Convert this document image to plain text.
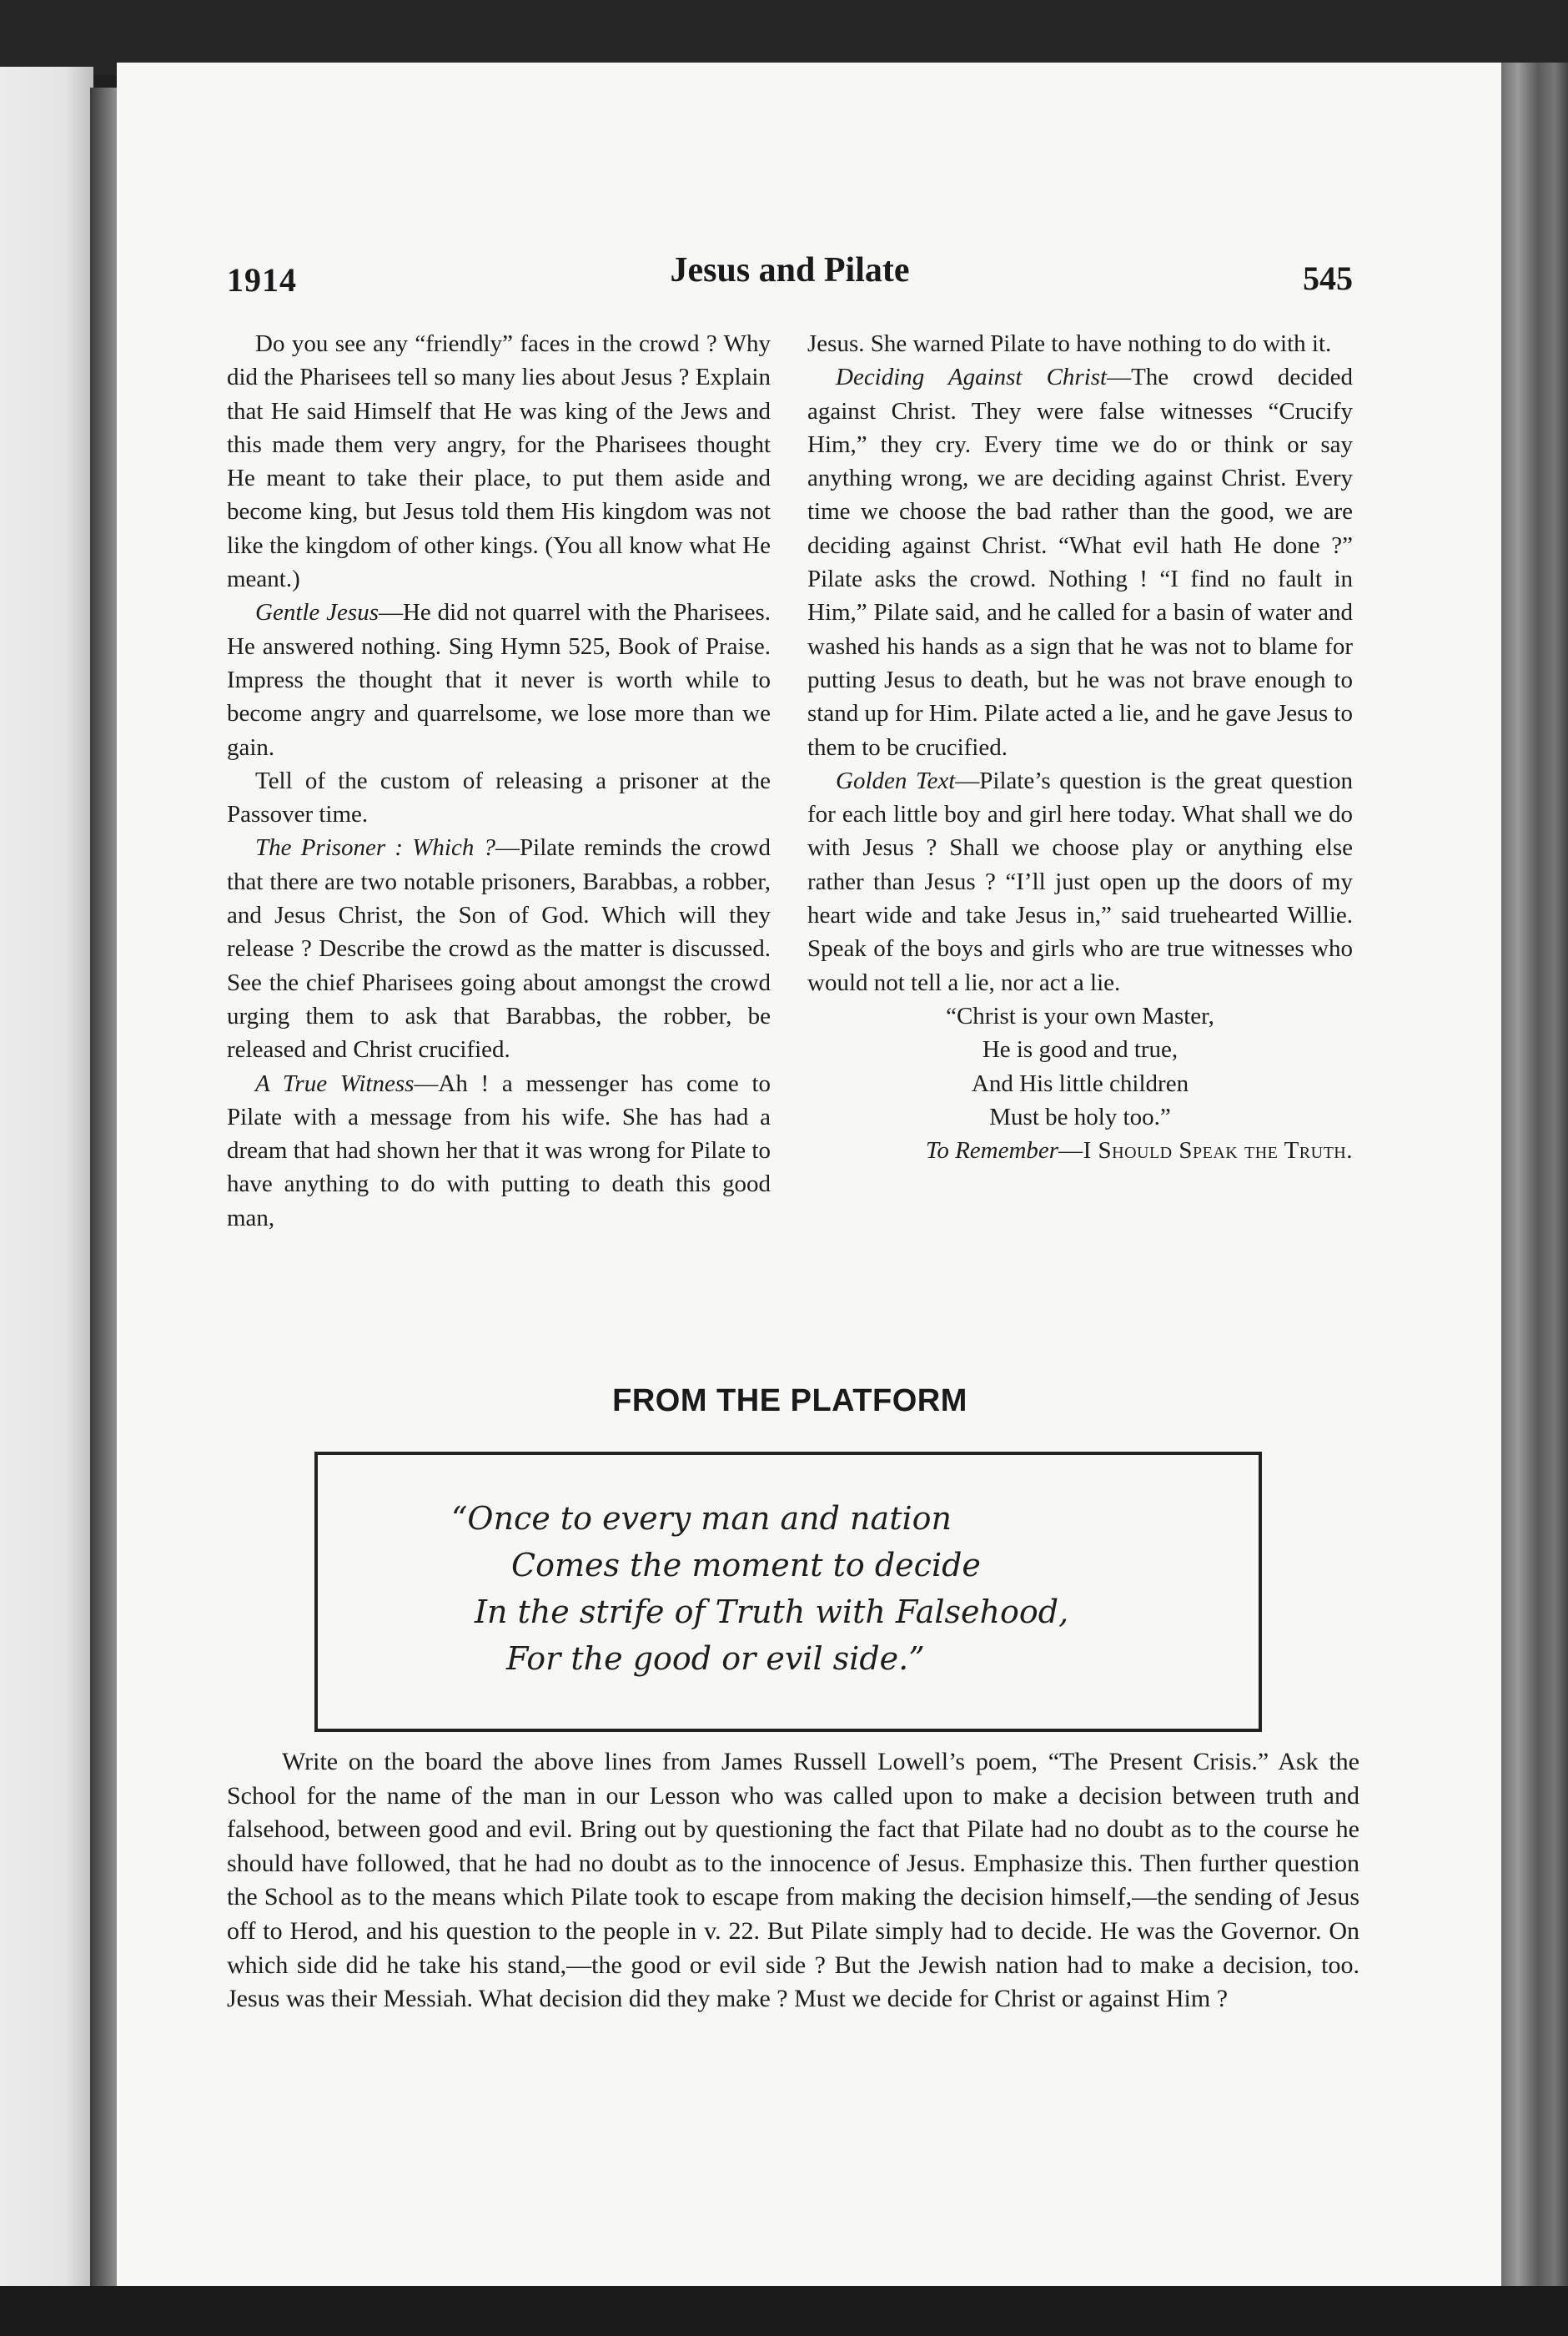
1914	Jesus and Pilate	545

Do you see any “friendly” faces in the crowd ? Why did the Pharisees tell so many lies about Jesus ? Explain that He said Himself that He was king of the Jews and this made them very angry, for the Pharisees thought He meant to take their place, to put them aside and become king, but Jesus told them His kingdom was not like the kingdom of other kings. (You all know what He meant.)

Gentle Jesus—He did not quarrel with the Pharisees. He answered nothing. Sing Hymn 525, Book of Praise. Impress the thought that it never is worth while to become angry and quarrelsome, we lose more than we gain.

Tell of the custom of releasing a prisoner at the Passover time.

The Prisoner : Which ?—Pilate reminds the crowd that there are two notable prisoners, Barabbas, a robber, and Jesus Christ, the Son of God. Which will they release ? Describe the crowd as the matter is discussed. See the chief Pharisees going about amongst the crowd urging them to ask that Barabbas, the robber, be released and Christ crucified.

A True Witness—Ah ! a messenger has come to Pilate with a message from his wife. She has had a dream that had shown her that it was wrong for Pilate to have anything to do with putting to death this good man,

Jesus. She warned Pilate to have nothing to do with it.

Deciding Against Christ—The crowd decided against Christ. They were false witnesses “Crucify Him,” they cry. Every time we do or think or say anything wrong, we are deciding against Christ. Every time we choose the bad rather than the good, we are deciding against Christ. “What evil hath He done ?” Pilate asks the crowd. Nothing ! “I find no fault in Him,” Pilate said, and he called for a basin of water and washed his hands as a sign that he was not to blame for putting Jesus to death, but he was not brave enough to stand up for Him. Pilate acted a lie, and he gave Jesus to them to be crucified.

Golden Text—Pilate’s question is the great question for each little boy and girl here today. What shall we do with Jesus ? Shall we choose play or anything else rather than Jesus ? “I’ll just open up the doors of my heart wide and take Jesus in,” said truehearted Willie. Speak of the boys and girls who are true witnesses who would not tell a lie, nor act a lie.

“Christ is your own Master,
He is good and true,
And His little children
Must be holy too.”

To Remember—I Should Speak the Truth.

FROM THE PLATFORM
“Once to every man and nation
Comes the moment to decide
In the strife of Truth with Falsehood,
For the good or evil side.”

Write on the board the above lines from James Russell Lowell’s poem, “The Present Crisis.” Ask the School for the name of the man in our Lesson who was called upon to make a decision between truth and falsehood, between good and evil. Bring out by questioning the fact that Pilate had no doubt as to the course he should have followed, that he had no doubt as to the innocence of Jesus. Emphasize this. Then further question the School as to the means which Pilate took to escape from making the decision himself,—the sending of Jesus off to Herod, and his question to the people in v. 22. But Pilate simply had to decide. He was the Governor. On which side did he take his stand,—the good or evil side ? But the Jewish nation had to make a decision, too. Jesus was their Messiah. What decision did they make ? Must we decide for Christ or against Him ?
